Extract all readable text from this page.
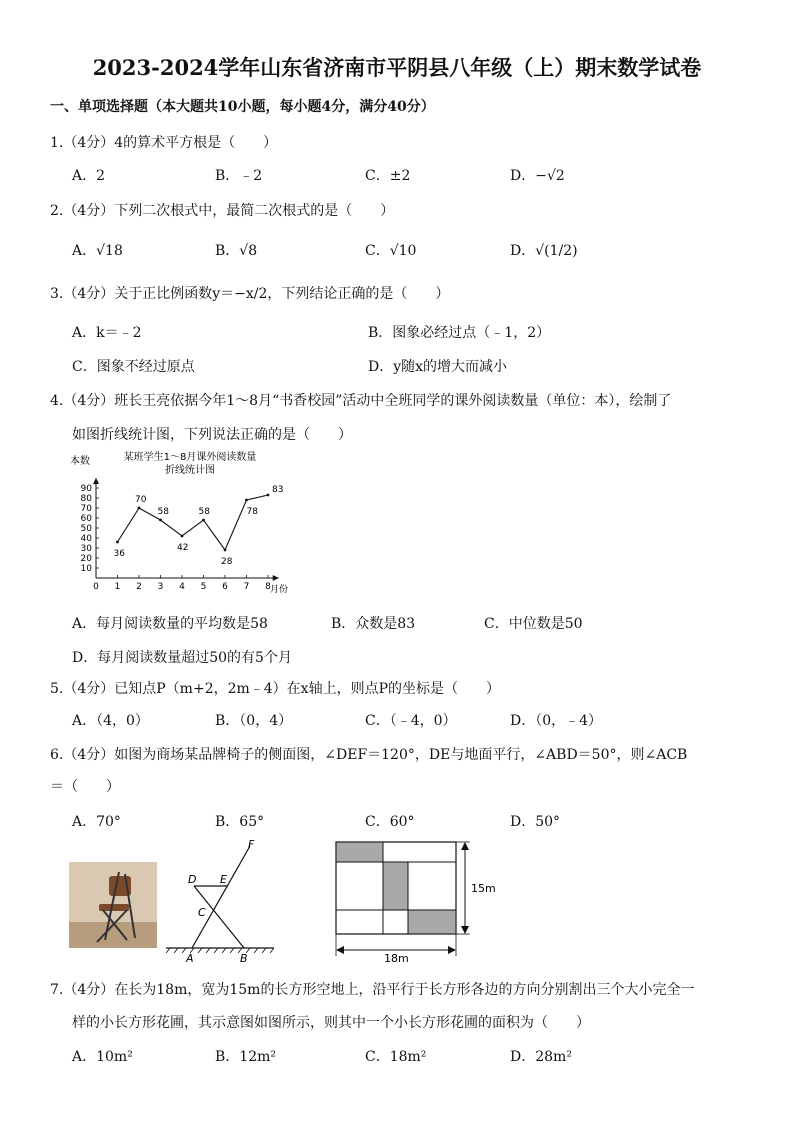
2023-2024学年山东省济南市平阴县八年级（上）期末数学试卷
一、单项选择题（本大题共10小题，每小题4分，满分40分）
1.（4分）4的算术平方根是（　　）
A．2	B．﹣2	C．±2	D．−√2
2.（4分）下列二次根式中，最简二次根式的是（　　）
A．√18	B．√8	C．√10	D．√(1/2)
3.（4分）关于正比例函数y＝−x/2，下列结论正确的是（　　）
A．k＝﹣2	B．图象必经过点（﹣1，2）
C．图象不经过原点	D．y随x的增大而减小
4.（4分）班长王亮依据今年1～8月“书香校园”活动中全班同学的课外阅读数量（单位：本），绘制了
如图折线统计图，下列说法正确的是（　　）
某班学生1～8月课外阅读数量
折线统计图
本数
月份
10
20
30
40
50
60
70
80
90
0 1 2 3 4 5 6 7 8
36
70
58
42
58
28
78
83
A．每月阅读数量的平均数是58	B．众数是83	C．中位数是50
D．每月阅读数量超过50的有5个月
5.（4分）已知点P（m+2，2m﹣4）在x轴上，则点P的坐标是（　　）
A．（4，0）	B．（0，4）	C．（﹣4，0）	D．（0，﹣4）
6.（4分）如图为商场某品牌椅子的侧面图，∠DEF＝120°，DE与地面平行，∠ABD＝50°，则∠ACB
＝（　　）
A．70°	B．65°	C．60°	D．50°
F
D E
C
A	B
15m
18m
7.（4分）在长为18m，宽为15m的长方形空地上，沿平行于长方形各边的方向分别割出三个大小完全一
样的小长方形花圃，其示意图如图所示，则其中一个小长方形花圃的面积为（　　）
A．10m²	B．12m²	C．18m²	D．28m²
